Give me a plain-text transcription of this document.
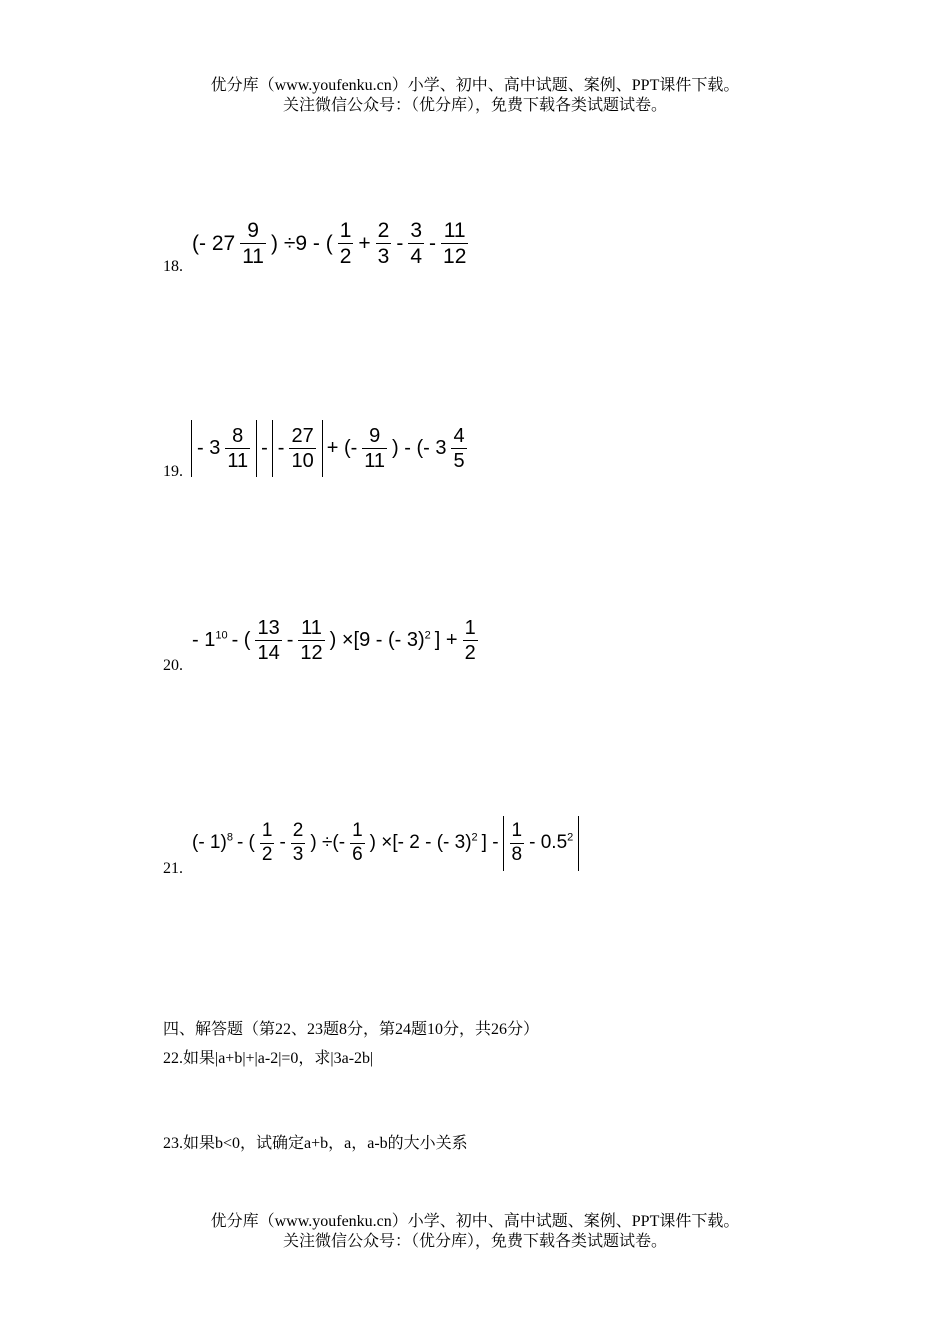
优分库（www.youfenku.cn）小学、初中、高中试题、案例、PPT课件下载。
关注微信公众号：（优分库），免费下载各类试题试卷。
18.
(- $27 \frac{9}{11}$ ) ÷9 - ( $\frac{1}{2} + \frac{2}{3} - \frac{3}{4} - \frac{11}{12}$
19.
- $3 \frac{8}{11}$ - - $\frac{27}{10}$ + (- $\frac{9}{11}$ ) - (- $3 \frac{4}{5}$
20.
- $1^{10}$ - ( $\frac{13}{14} - \frac{11}{12}$ ) ×[9 - (- 3)$^2$ ] + $\frac{1}{2}$
21.
(- 1)$^8$ - ( $\frac{1}{2} - \frac{2}{3}$ ) ÷(- $\frac{1}{6}$ ) ×[- 2 - (- 3)$^2$ ] - $\frac{1}{8} - 0.5^2$
四、解答题（第22、23题8分，第24题10分，共26分）
22.如果|a+b|+|a-2|=0，求|3a-2b|
23.如果b<0，试确定a+b，a，a-b的大小关系
优分库（www.youfenku.cn）小学、初中、高中试题、案例、PPT课件下载。
关注微信公众号：（优分库），免费下载各类试题试卷。
